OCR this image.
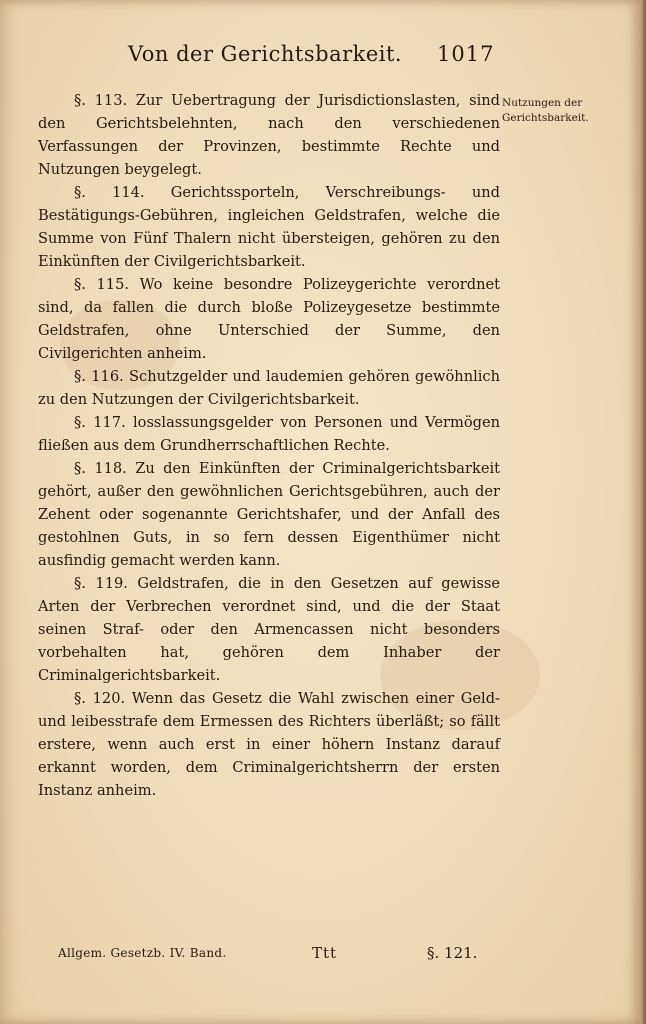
Von der Gerichtsbarkeit. 1017
Nutzungen der Gerichtsbarkeit.

§. 113. Zur Uebertragung der Jurisdictionslasten, sind den Gerichtsbelehnten, nach den verschiedenen Verfassungen der Provinzen, bestimmte Rechte und Nutzungen beygelegt.

§. 114. Gerichtssporteln, Verschreibungs- und Bestätigungs-Gebühren, ingleichen Geldstrafen, welche die Summe von Fünf Thalern nicht übersteigen, gehören zu den Einkünften der Civilgerichtsbarkeit.

§. 115. Wo keine besondre Polizeygerichte verordnet sind, da fallen die durch bloße Polizeygesetze bestimmte Geldstrafen, ohne Unterschied der Summe, den Civilgerichten anheim.

§. 116. Schutzgelder und laudemien gehören gewöhnlich zu den Nutzungen der Civilgerichtsbarkeit.

§. 117. losslassungsgelder von Personen und Vermögen fließen aus dem Grundherrschaftlichen Rechte.

§. 118. Zu den Einkünften der Criminalgerichtsbarkeit gehört, außer den gewöhnlichen Gerichtsgebühren, auch der Zehent oder sogenannte Gerichtshafer, und der Anfall des gestohlnen Guts, in so fern dessen Eigenthümer nicht ausfindig gemacht werden kann.

§. 119. Geldstrafen, die in den Gesetzen auf gewisse Arten der Verbrechen verordnet sind, und die der Staat seinen Straf- oder den Armencassen nicht besonders vorbehalten hat, gehören dem Inhaber der Criminalgerichtsbarkeit.

§. 120. Wenn das Gesetz die Wahl zwischen einer Geld- und leibesstrafe dem Ermessen des Richters überläßt; so fällt erstere, wenn auch erst in einer höhern Instanz darauf erkannt worden, dem Criminalgerichtsherrn der ersten Instanz anheim.

Allgem. Gesetzb. IV. Band.	Ttt	§. 121.
